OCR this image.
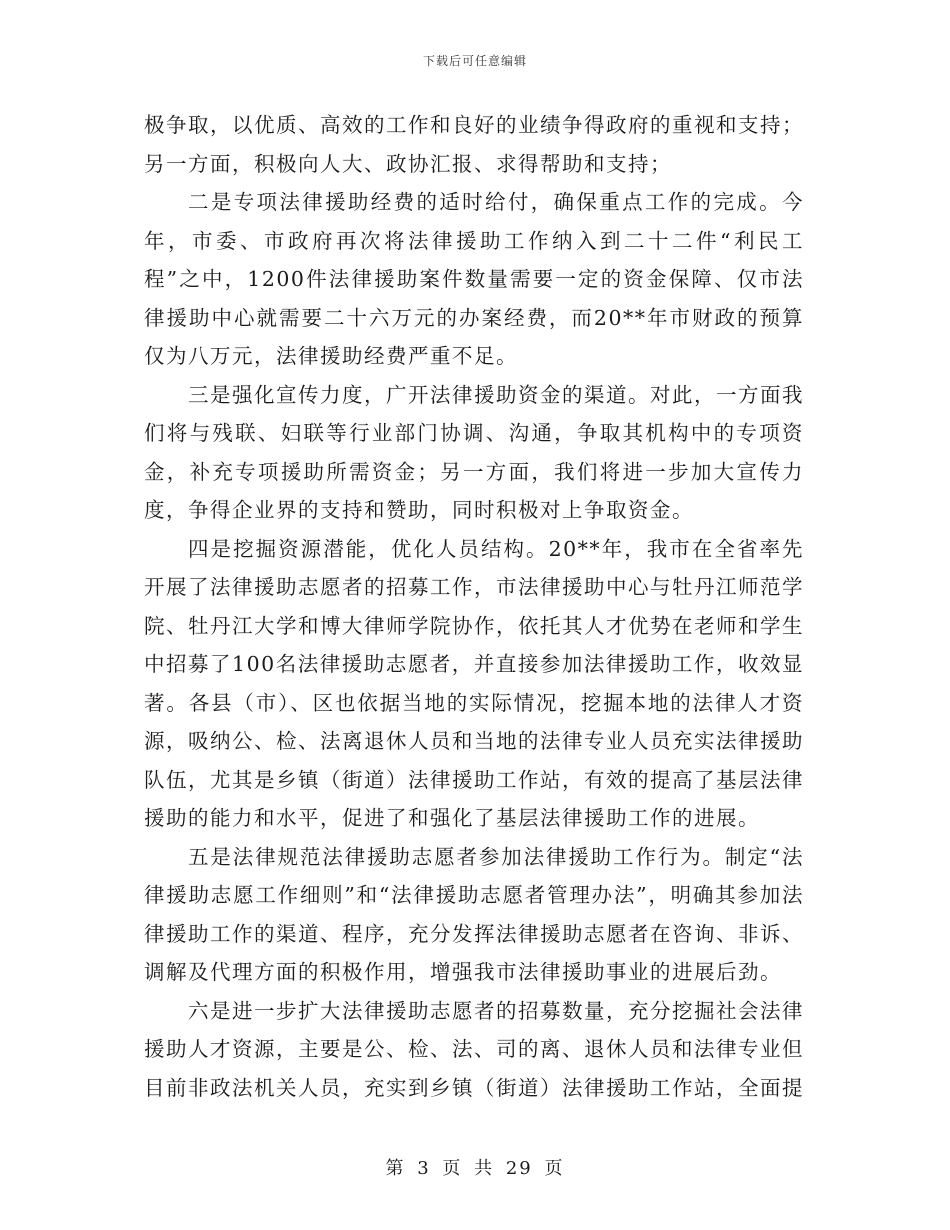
下载后可任意编辑

极争取，以优质、高效的工作和良好的业绩争得政府的重视和支持；另一方面，积极向人大、政协汇报、求得帮助和支持；

二是专项法律援助经费的适时给付，确保重点工作的完成。今年，市委、市政府再次将法律援助工作纳入到二十二件“利民工程”之中，1200件法律援助案件数量需要一定的资金保障、仅市法律援助中心就需要二十六万元的办案经费，而20**年市财政的预算仅为八万元，法律援助经费严重不足。

三是强化宣传力度，广开法律援助资金的渠道。对此，一方面我们将与残联、妇联等行业部门协调、沟通，争取其机构中的专项资金，补充专项援助所需资金；另一方面，我们将进一步加大宣传力度，争得企业界的支持和赞助，同时积极对上争取资金。

四是挖掘资源潜能，优化人员结构。20**年，我市在全省率先开展了法律援助志愿者的招募工作，市法律援助中心与牡丹江师范学院、牡丹江大学和博大律师学院协作，依托其人才优势在老师和学生中招募了100名法律援助志愿者，并直接参加法律援助工作，收效显著。各县（市）、区也依据当地的实际情况，挖掘本地的法律人才资源，吸纳公、检、法离退休人员和当地的法律专业人员充实法律援助队伍，尤其是乡镇（街道）法律援助工作站，有效的提高了基层法律援助的能力和水平，促进了和强化了基层法律援助工作的进展。

五是法律规范法律援助志愿者参加法律援助工作行为。制定“法律援助志愿工作细则”和“法律援助志愿者管理办法”，明确其参加法律援助工作的渠道、程序，充分发挥法律援助志愿者在咨询、非诉、调解及代理方面的积极作用，增强我市法律援助事业的进展后劲。

六是进一步扩大法律援助志愿者的招募数量，充分挖掘社会法律援助人才资源，主要是公、检、法、司的离、退休人员和法律专业但目前非政法机关人员，充实到乡镇（街道）法律援助工作站，全面提

第 3 页 共 29 页
